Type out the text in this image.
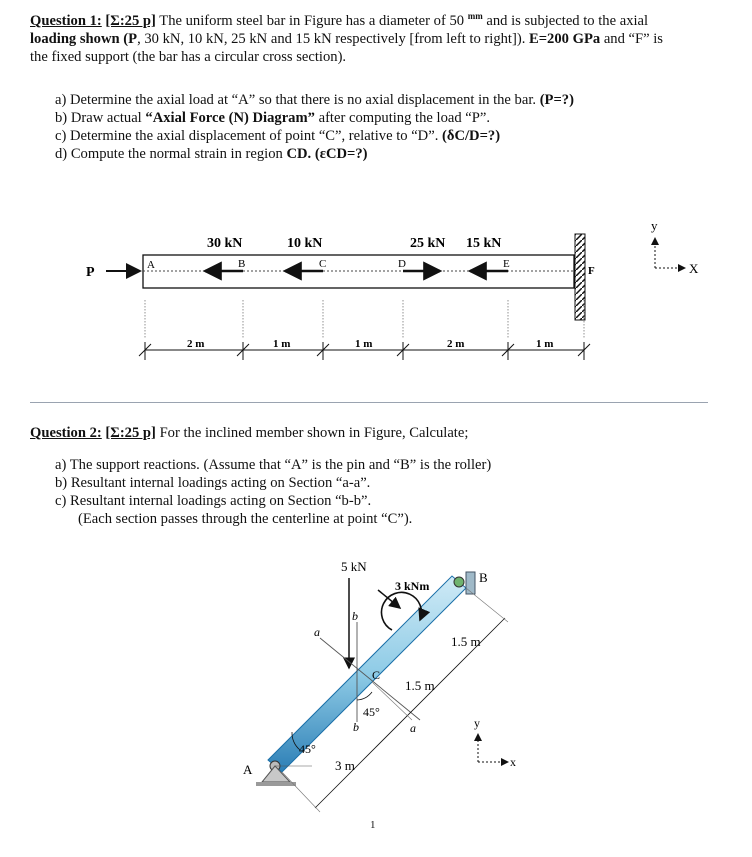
Question 1: [Σ:25 p] The uniform steel bar in Figure has a diameter of 50 $^{mm}$ and is subjected to the axial
loading shown (P, 30 kN, 10 kN, 25 kN and 15 kN respectively [from left to right]). E=200 GPa and “F” is
the fixed support (the bar has a circular cross section).
a) Determine the axial load at “A” so that there is no axial displacement in the bar. (P=?)
b) Draw actual “Axial Force (N) Diagram” after computing the load “P”.
c) Determine the axial displacement of point “C”, relative to “D”. (δC/D=?)
d) Compute the normal strain in region CD. (εCD=?)
P
30 kN	10 kN	25 kN 15 kN
A	B	C	D	E
F
2 m	1 m	1 m	2 m	1 m
y
X
Question 2: [Σ:25 p] For the inclined member shown in Figure, Calculate;
a) The support reactions. (Assume that “A” is the pin and “B” is the roller)
b) Resultant internal loadings acting on Section “a-a”.
c) Resultant internal loadings acting on Section “b-b”.
(Each section passes through the centerline at point “C”).
A
B
5 kN
3 kNm
a
a
b
b
C
45°
45°
1.5 m
1.5 m
3 m
y
x
1
